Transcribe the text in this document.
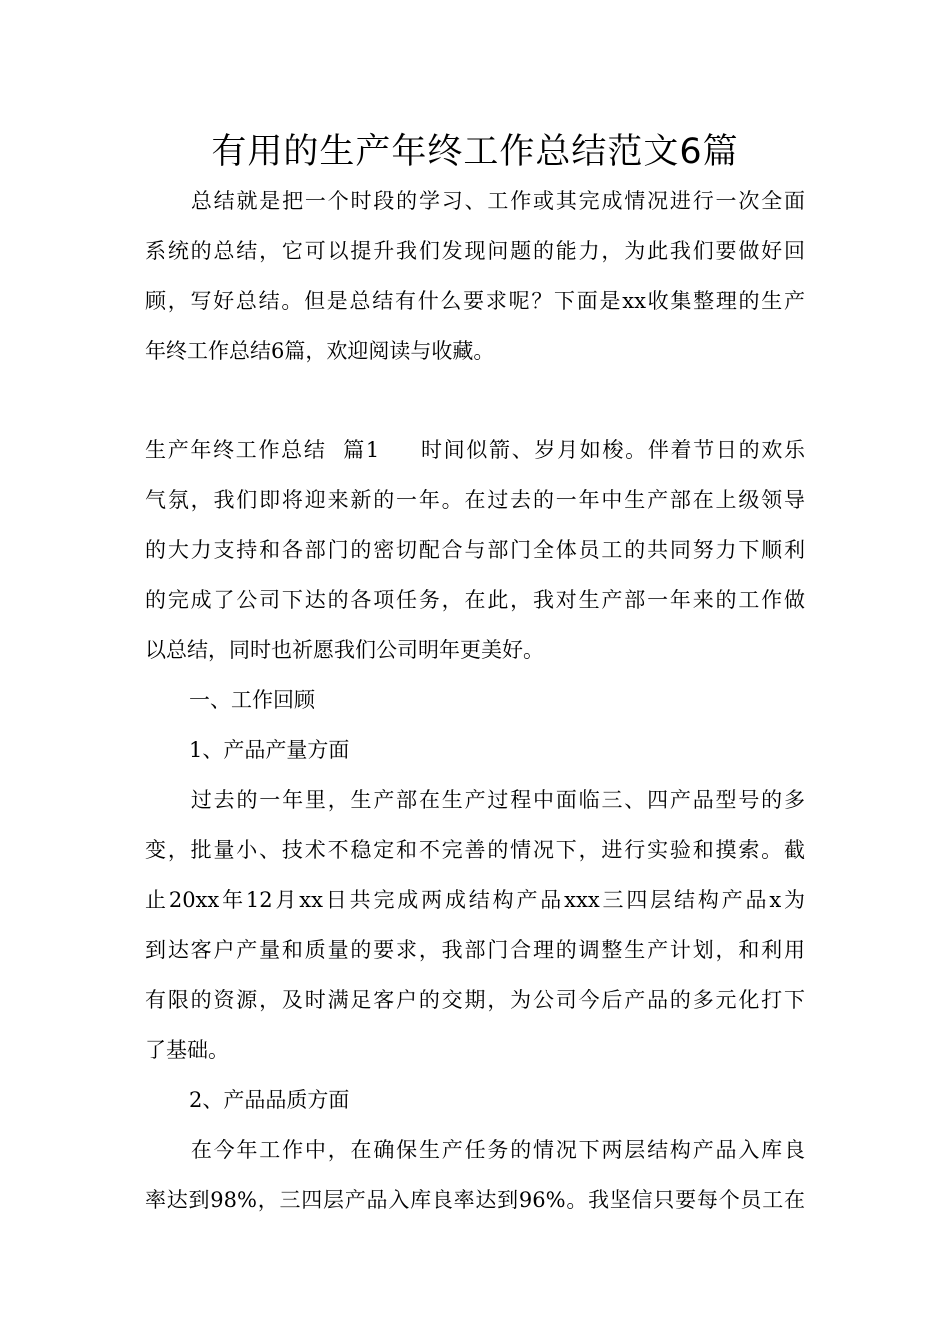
有用的生产年终工作总结范文6篇
总结就是把一个时段的学习、工作或其完成情况进行一次全面
系统的总结，它可以提升我们发现问题的能力，为此我们要做好回
顾，写好总结。但是总结有什么要求呢？下面是xx收集整理的生产
年终工作总结6篇，欢迎阅读与收藏。
生产年终工作总结  篇1 时间似箭、岁月如梭。伴着节日的欢乐
气氛，我们即将迎来新的一年。在过去的一年中生产部在上级领导
的大力支持和各部门的密切配合与部门全体员工的共同努力下顺利
的完成了公司下达的各项任务，在此，我对生产部一年来的工作做
以总结，同时也祈愿我们公司明年更美好。
一、工作回顾
1、产品产量方面
过去的一年里，生产部在生产过程中面临三、四产品型号的多
变，批量小、技术不稳定和不完善的情况下，进行实验和摸索。截
止20xx年12月xx日共完成两成结构产品xxx三四层结构产品x为
到达客户产量和质量的要求，我部门合理的调整生产计划，和利用
有限的资源，及时满足客户的交期，为公司今后产品的多元化打下
了基础。
2、产品品质方面
在今年工作中，在确保生产任务的情况下两层结构产品入库良
率达到98%，三四层产品入库良率达到96%。我坚信只要每个员工在
